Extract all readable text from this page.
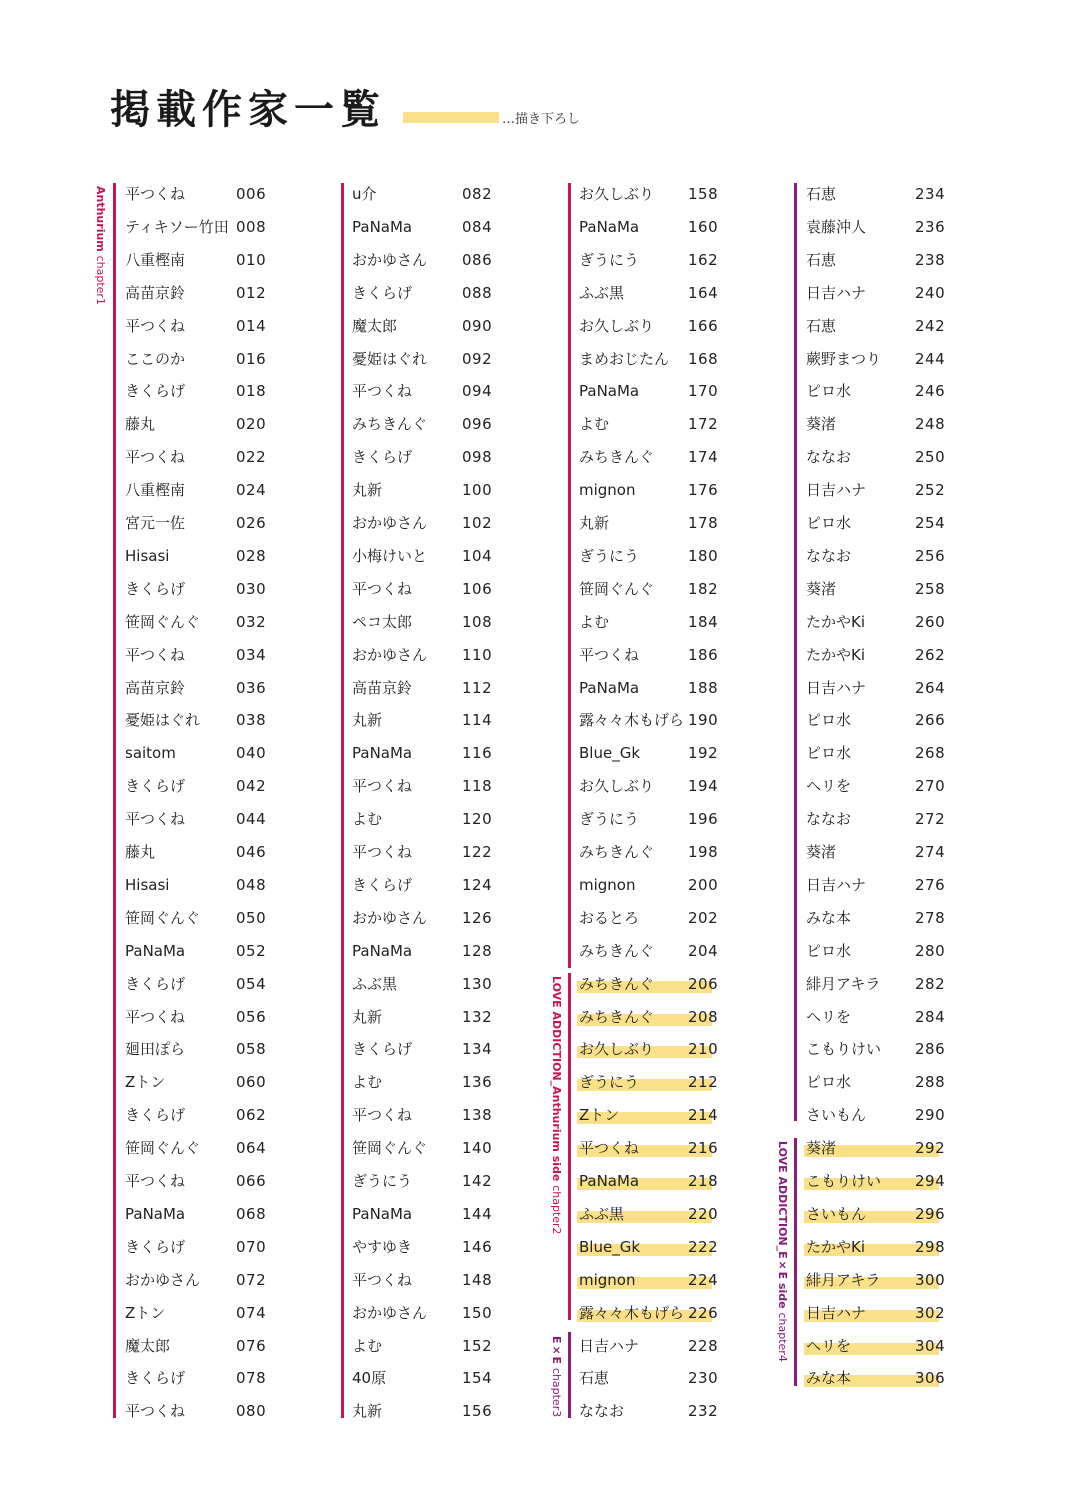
掲載作家一覧	…描き下ろし
Anthurium chapter1
LOVE ADDICTION_Anthurium side chapter2
E×E chapter3
LOVE ADDICTION_E×E side chapter4
平つくね	006
ティキソー竹田 008
八重樫南	010
高苗京鈴	012
平つくね	014
ここのか	016
きくらげ	018
藤丸	020
平つくね	022
八重樫南	024
宮元一佐	026
Hisasi	028
きくらげ	030
笹岡ぐんぐ 032
平つくね	034
高苗京鈴	036
憂姫はぐれ 038
saitom	040
きくらげ	042
平つくね	044
藤丸	046
Hisasi	048
笹岡ぐんぐ 050
PaNaMa	052
きくらげ	054
平つくね	056
廻田ぽら	058
Zトン	060
きくらげ	062
笹岡ぐんぐ 064
平つくね	066
PaNaMa	068
きくらげ	070
おかゆさん 072
Zトン	074
魔太郎	076
きくらげ	078
平つくね	080
u介	082
PaNaMa	084
おかゆさん 086
きくらげ	088
魔太郎	090
憂姫はぐれ 092
平つくね	094
みちきんぐ 096
きくらげ	098
丸新	100
おかゆさん 102
小梅けいと 104
平つくね	106
ペコ太郎	108
おかゆさん 110
高苗京鈴	112
丸新	114
PaNaMa	116
平つくね	118
よむ	120
平つくね	122
きくらげ	124
おかゆさん 126
PaNaMa	128
ふぶ黒	130
丸新	132
きくらげ	134
よむ	136
平つくね	138
笹岡ぐんぐ 140
ぎうにう	142
PaNaMa	144
やすゆき	146
平つくね	148
おかゆさん 150
よむ	152
40原	154
丸新	156
お久しぶり 158
PaNaMa	160
ぎうにう	162
ふぶ黒	164
お久しぶり 166
まめおじたん 168
PaNaMa	170
よむ	172
みちきんぐ 174
mignon	176
丸新	178
ぎうにう	180
笹岡ぐんぐ 182
よむ	184
平つくね	186
PaNaMa	188
露々々木もげら 190
Blue_Gk	192
お久しぶり 194
ぎうにう	196
みちきんぐ 198
mignon	200
おるとろ	202
みちきんぐ 204
みちきんぐ 206
みちきんぐ 208
お久しぶり 210
ぎうにう	212
Zトン	214
平つくね	216
PaNaMa	218
ふぶ黒	220
Blue_Gk	222
mignon	224
露々々木もげら 226
日吉ハナ	228
石恵	230
ななお	232
石恵	234
袁藤沖人	236
石恵	238
日吉ハナ	240
石恵	242
蕨野まつり 244
ピロ水	246
葵渚	248
ななお	250
日吉ハナ	252
ピロ水	254
ななお	256
葵渚	258
たかやKi	260
たかやKi	262
日吉ハナ	264
ピロ水	266
ピロ水	268
ヘリを	270
ななお	272
葵渚	274
日吉ハナ	276
みな本	278
ピロ水	280
緋月アキラ 282
ヘリを	284
こもりけい 286
ピロ水	288
さいもん	290
葵渚	292
こもりけい 294
さいもん	296
たかやKi	298
緋月アキラ 300
日吉ハナ	302
ヘリを	304
みな本	306
